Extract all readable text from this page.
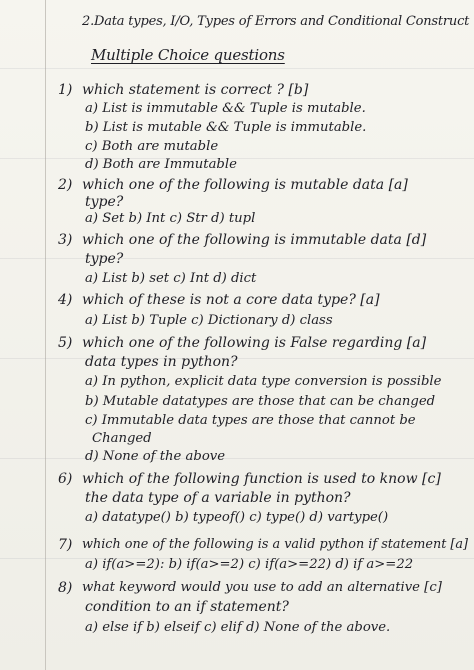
2.Data types, I/O, Types of Errors and Conditional Construct
Multiple Choice questions
1) which statement is correct ? [b]
a) List is immutable && Tuple is mutable.
b) List is mutable && Tuple is immutable.
c) Both are mutable
d) Both are Immutable
2) which one of the following is mutable data [a]
type?
a) Set b) Int c) Str d) tupl
3) which one of the following is immutable data [d]
type?
a) List b) set c) Int d) dict
4) which of these is not a core data type? [a]
a) List b) Tuple c) Dictionary d) class
5) which one of the following is False regarding [a]
data types in python?
a) In python, explicit data type conversion is possible
b) Mutable datatypes are those that can be changed
c) Immutable data types are those that cannot be
Changed
d) None of the above
6) which of the following function is used to know [c]
the data type of a variable in python?
a) datatype() b) typeof() c) type() d) vartype()
7) which one of the following is a valid python if statement [a]
a) if(a>=2): b) if(a>=2) c) if(a>=22) d) if a>=22
8) what keyword would you use to add an alternative [c]
condition to an if statement?
a) else if b) elseif c) elif d) None of the above.
